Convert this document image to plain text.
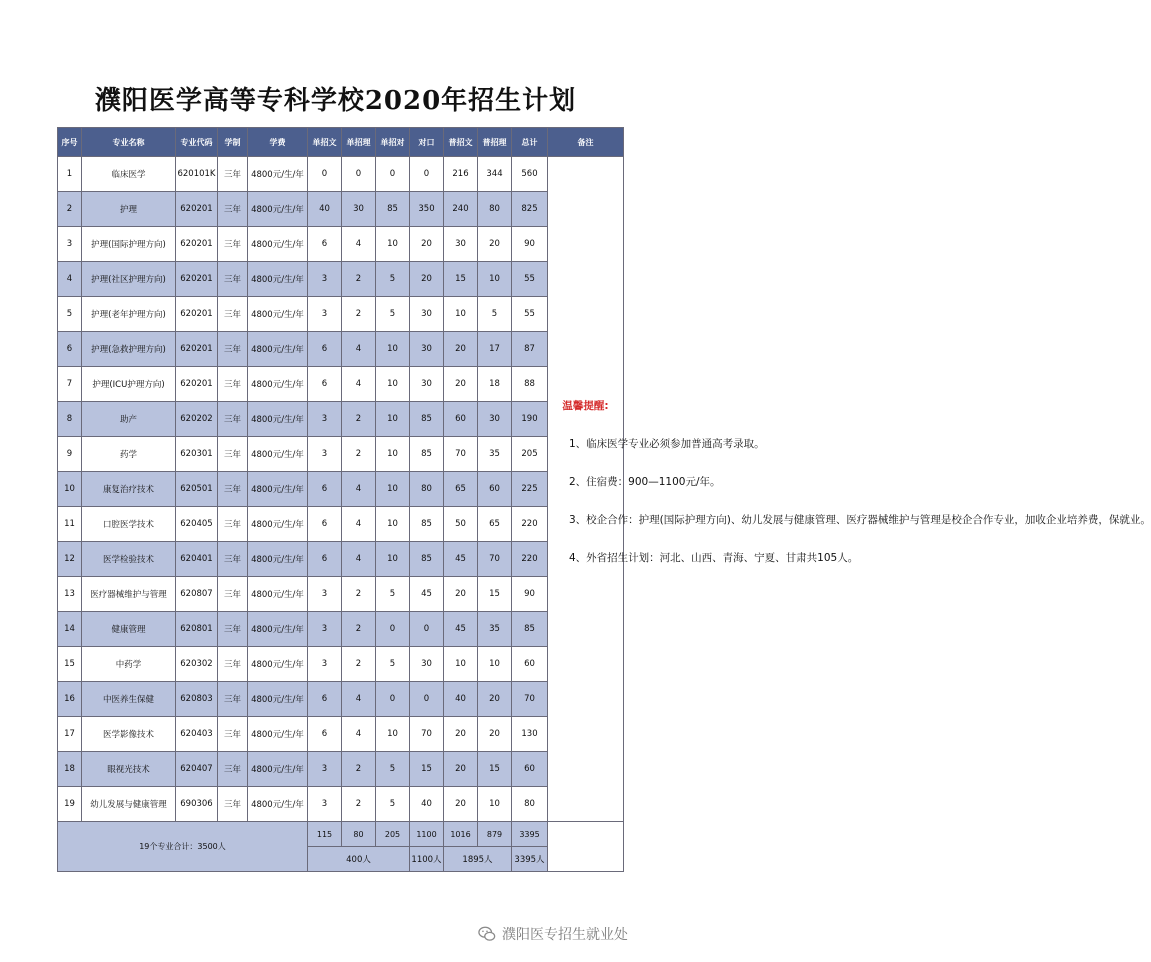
濮阳医学高等专科学校2020年招生计划
序号	专业名称	专业代码	学制	学费	单招文	单招理	单招对	对口	普招文	普招理	总计	备注
1	临床医学	620101K	三年	4800元/生/年	0	0	0	0	216	344	560	温馨提醒:
1、临床医学专业必须参加普通高考录取。
2、住宿费：900—1100元/年。
3、校企合作：护理(国际护理方向)、幼儿发展与健康管理、医疗器械维护与管理是校企合作专业，加收企业培养费，保就业。
4、外省招生计划：河北、山西、青海、宁夏、甘肃共105人。

2	护理	620201	三年	4800元/生/年	40	30	85	350	240	80	825	
3	护理(国际护理方向)	620201	三年	4800元/生/年	6	4	10	20	30	20	90	
4	护理(社区护理方向)	620201	三年	4800元/生/年	3	2	5	20	15	10	55	
5	护理(老年护理方向)	620201	三年	4800元/生/年	3	2	5	30	10	5	55	
6	护理(急救护理方向)	620201	三年	4800元/生/年	6	4	10	30	20	17	87	
7	护理(ICU护理方向)	620201	三年	4800元/生/年	6	4	10	30	20	18	88	
8	助产	620202	三年	4800元/生/年	3	2	10	85	60	30	190	
9	药学	620301	三年	4800元/生/年	3	2	10	85	70	35	205	
10	康复治疗技术	620501	三年	4800元/生/年	6	4	10	80	65	60	225	
11	口腔医学技术	620405	三年	4800元/生/年	6	4	10	85	50	65	220	
12	医学检验技术	620401	三年	4800元/生/年	6	4	10	85	45	70	220	
13	医疗器械维护与管理	620807	三年	4800元/生/年	3	2	5	45	20	15	90	
14	健康管理	620801	三年	4800元/生/年	3	2	0	0	45	35	85	
15	中药学	620302	三年	4800元/生/年	3	2	5	30	10	10	60	
16	中医养生保健	620803	三年	4800元/生/年	6	4	0	0	40	20	70	
17	医学影像技术	620403	三年	4800元/生/年	6	4	10	70	20	20	130	
18	眼视光技术	620407	三年	4800元/生/年	3	2	5	15	20	15	60	
19	幼儿发展与健康管理	690306	三年	4800元/生/年	3	2	5	40	20	10	80	
19个专业合计：3500人					115	80	205	1100	1016	879	3395	
					400人			1100人	1895人		3395人	
濮阳医专招生就业处
